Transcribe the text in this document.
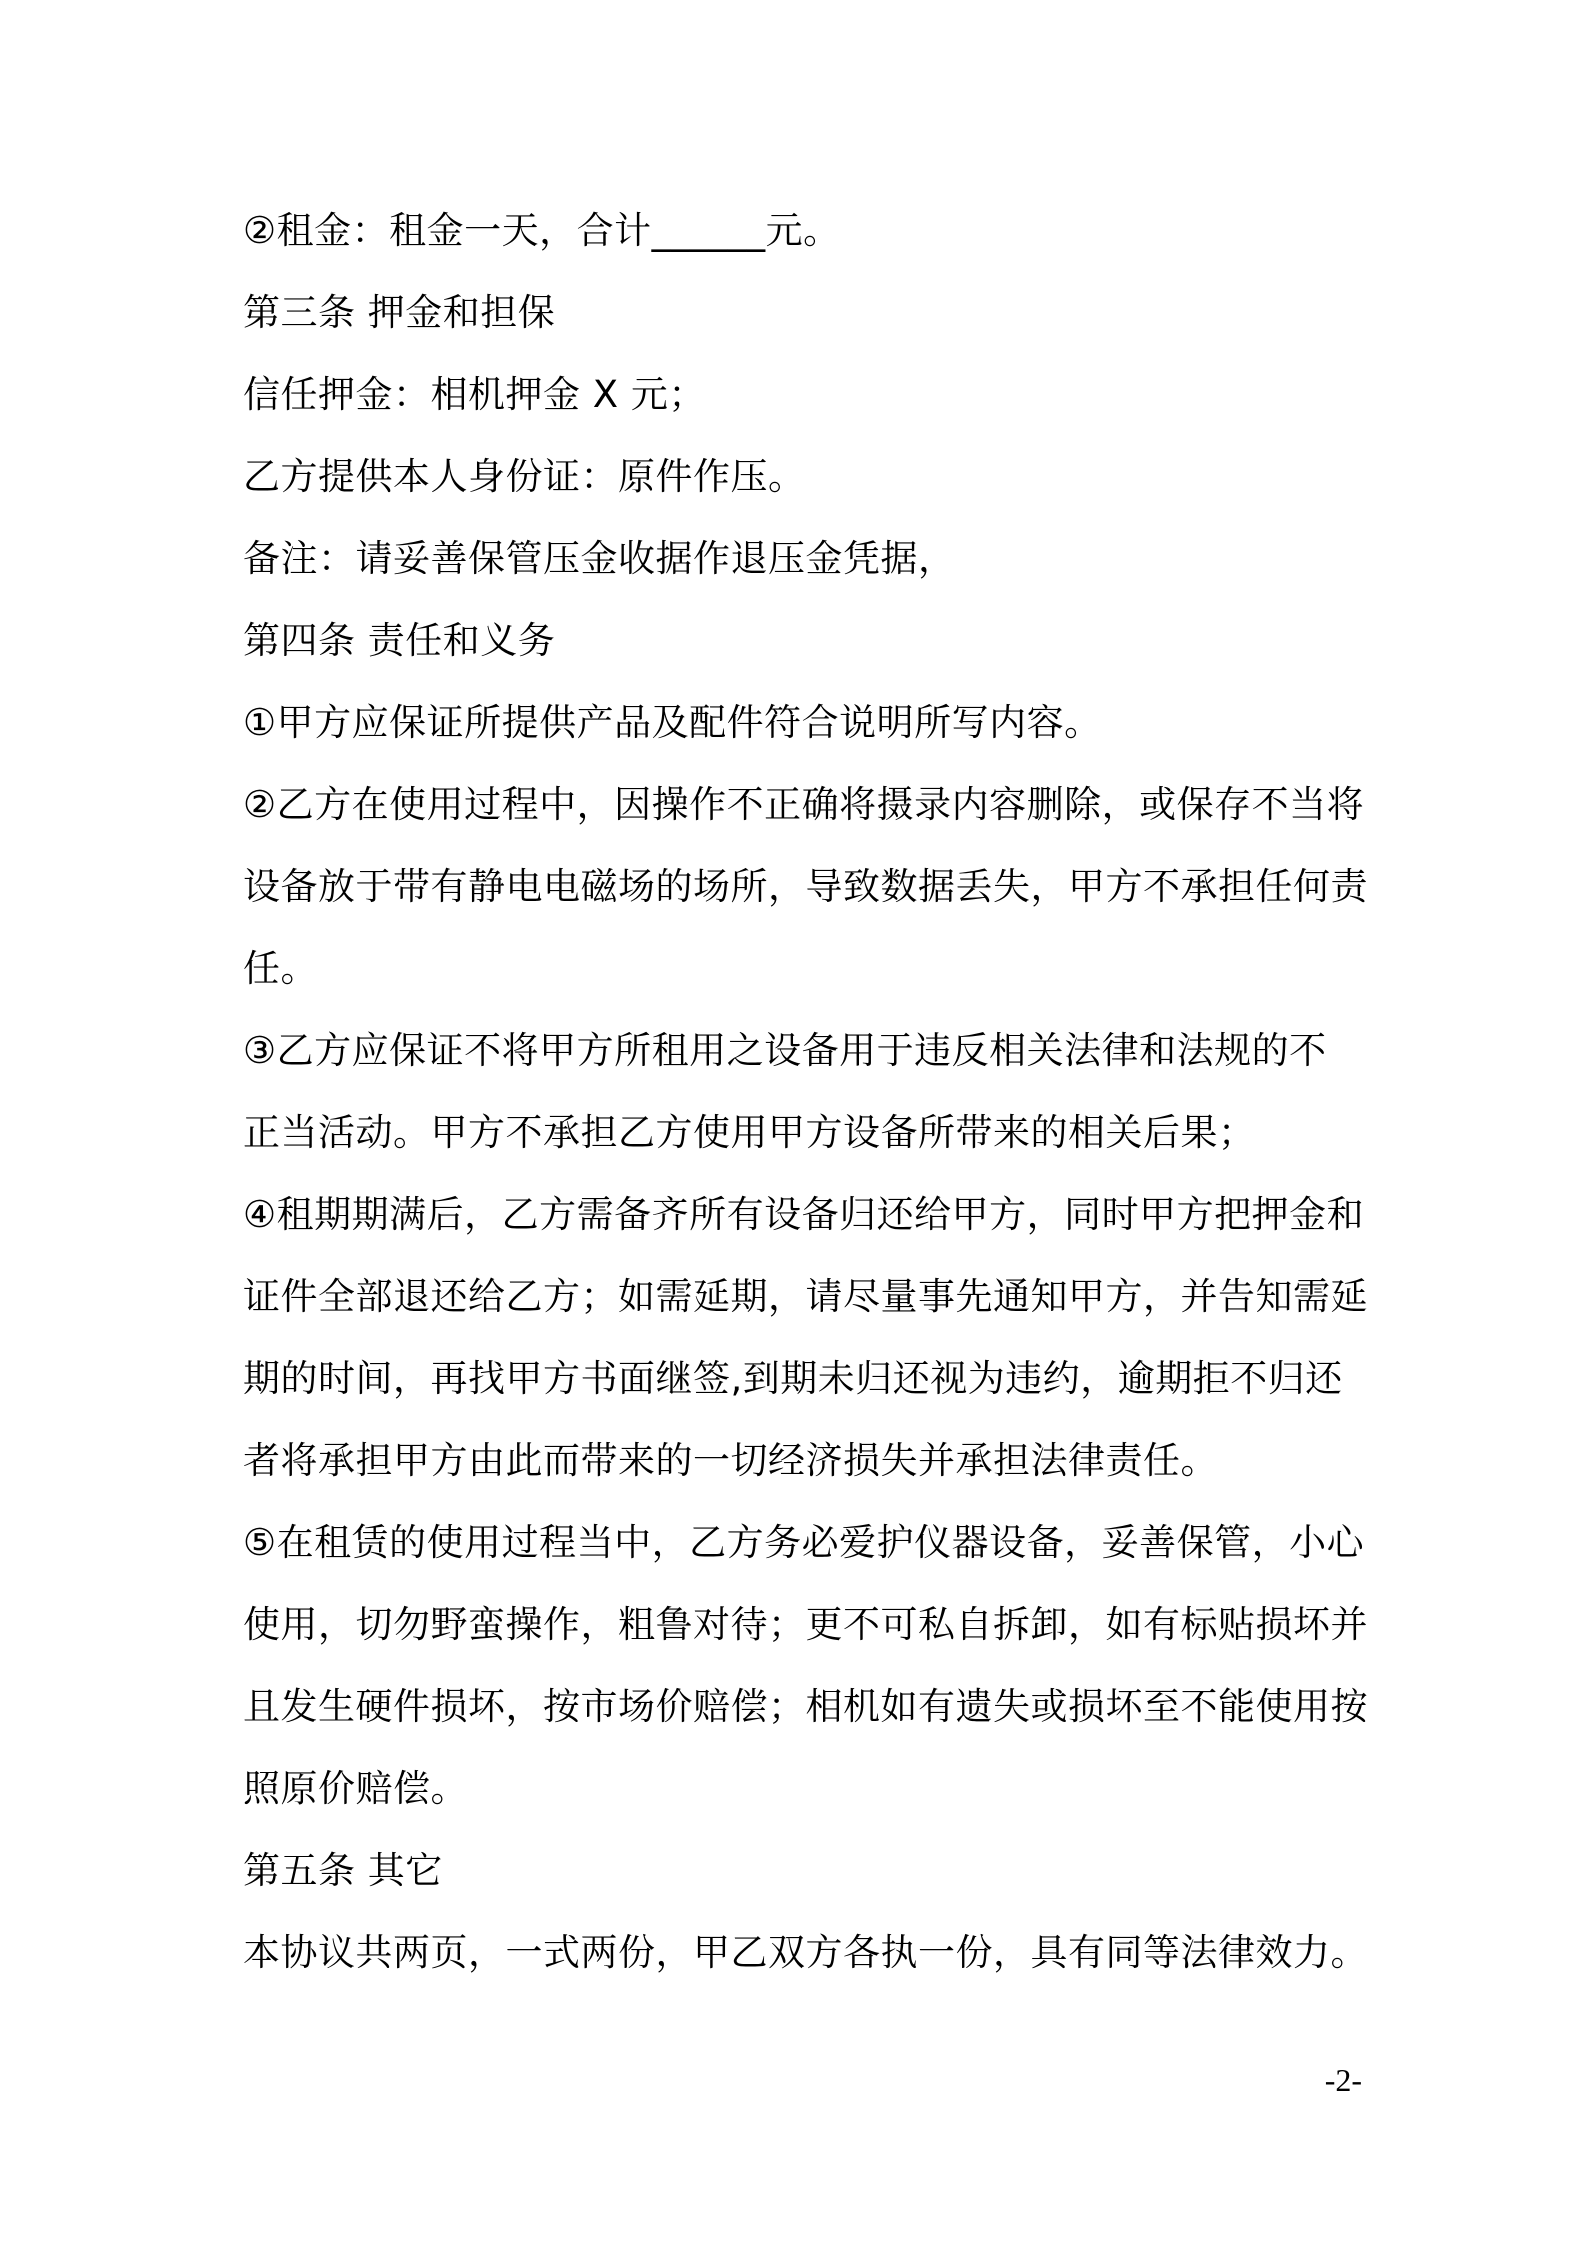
②租金：租金一天，合计______元。
第三条 押金和担保
信任押金：相机押金 X 元；
乙方提供本人身份证：原件作压。
备注：请妥善保管压金收据作退压金凭据，
第四条 责任和义务
①甲方应保证所提供产品及配件符合说明所写内容。
②乙方在使用过程中，因操作不正确将摄录内容删除，或保存不当将
设备放于带有静电电磁场的场所，导致数据丢失，甲方不承担任何责
任。
③乙方应保证不将甲方所租用之设备用于违反相关法律和法规的不
正当活动。甲方不承担乙方使用甲方设备所带来的相关后果；
④租期期满后，乙方需备齐所有设备归还给甲方，同时甲方把押金和
证件全部退还给乙方；如需延期，请尽量事先通知甲方，并告知需延
期的时间，再找甲方书面继签,到期未归还视为违约，逾期拒不归还
者将承担甲方由此而带来的一切经济损失并承担法律责任。
⑤在租赁的使用过程当中，乙方务必爱护仪器设备，妥善保管，小心
使用，切勿野蛮操作，粗鲁对待；更不可私自拆卸，如有标贴损坏并
且发生硬件损坏，按市场价赔偿；相机如有遗失或损坏至不能使用按
照原价赔偿。
第五条 其它
本协议共两页，一式两份，甲乙双方各执一份，具有同等法律效力。
-2-
